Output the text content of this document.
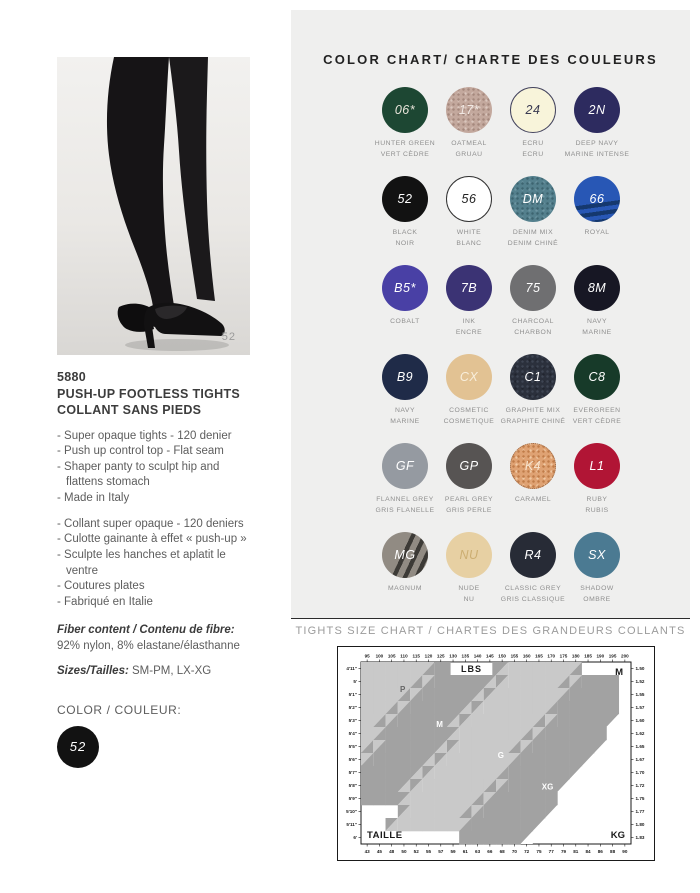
52
5880
PUSH-UP FOOTLESS TIGHTS
COLLANT SANS PIEDS
- Super opaque tights - 120 denier
- Push up control top - Flat seam
- Shaper panty to sculpt hip and flattens stomach
- Made in Italy
- Collant super opaque - 120 deniers
- Culotte gainante à effet « push-up »
- Sculpte les hanches et aplatit le ventre
- Coutures plates
- Fabriqué en Italie

Fiber content / Contenu de fibre:
92% nylon, 8% elastane/élasthanne

Sizes/Tailles: SM-PM, LX-XG

COLOR / COULEUR:

52
COLOR CHART/ CHARTE DES COULEURS
06*
HUNTER GREEN
VERT CÈDRE
17*
OATMEAL
GRUAU
24
ECRU
ECRU
2N
DEEP NAVY
MARINE INTENSE
52
BLACK
NOIR
56
WHITE
BLANC
DM
DENIM MIX
DENIM CHINÉ
66
ROYAL
B5*
COBALT
7B
INK
ENCRE
75
CHARCOAL
CHARBON
8M
NAVY
MARINE
B9
NAVY
MARINE
CX
COSMETIC
COSMETIQUE
C1
GRAPHITE MIX
GRAPHITE CHINÉ
C8
EVERGREEN
VERT CÈDRE
GF
FLANNEL GREY
GRIS FLANELLE
GP
PEARL GREY
GRIS PERLE
K4
CARAMEL
L1
RUBY
RUBIS
MG
MAGNUM
NU
NUDE
NU
R4
CLASSIC GREY
GRIS CLASSIQUE
SX
SHADOW
OMBRE
TIGHTS SIZE CHART / CHARTES DES GRANDEURS COLLANTS
95 100 105 110 115 120 125 130 135 140 145 150 155 160 165 170 175 180 185 190 195 200
43 45 48 50 52 55 57 59 61 63 66 68 70 72 75 77 79 81 84 86 88 90
4'11"
5'
5'1"
5'2"
5'3"
5'4"
5'5"
5'6"
5'7"
5'8"
5'9"
5'10"
5'11"
6'
1.50
1.52
1.55
1.57
1.60
1.62
1.65
1.67
1.70
1.72
1.75
1.77
1.80
1.83
LBS	M
TAILLE	KG
P
M
G
XG
